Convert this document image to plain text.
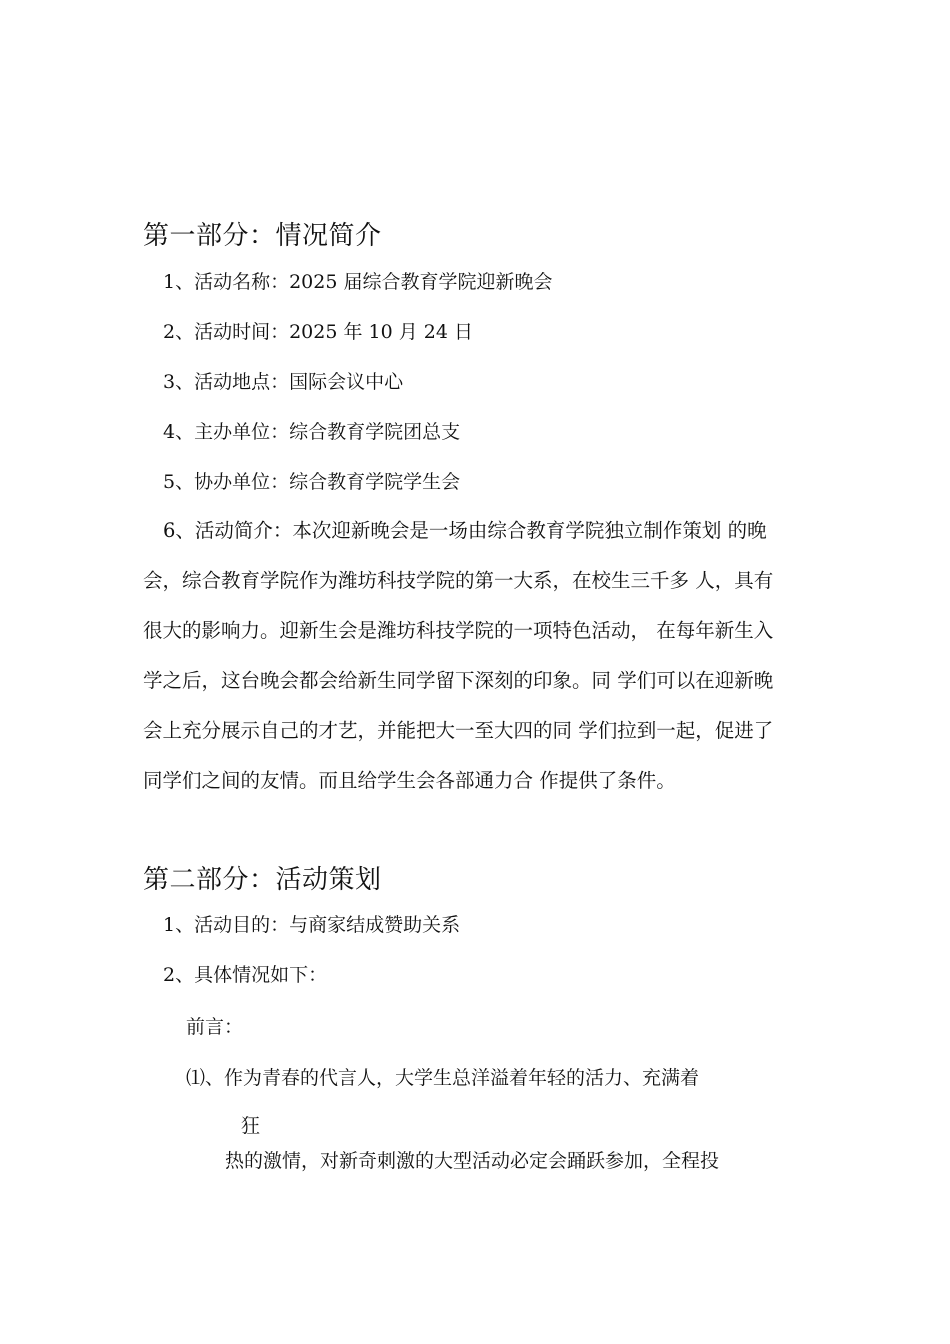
第一部分：情况简介
1、活动名称：2025 届综合教育学院迎新晚会
2、活动时间：2025 年 10 月 24 日
3、活动地点：国际会议中心
4、主办单位：综合教育学院团总支
5、协办单位：综合教育学院学生会
6、活动简介：本次迎新晚会是一场由综合教育学院独立制作策划 的晚
会，综合教育学院作为潍坊科技学院的第一大系，在校生三千多 人，具有
很大的影响力。迎新生会是潍坊科技学院的一项特色活动， 在每年新生入
学之后，这台晚会都会给新生同学留下深刻的印象。同 学们可以在迎新晚
会上充分展示自己的才艺，并能把大一至大四的同 学们拉到一起，促进了
同学们之间的友情。而且给学生会各部通力合 作提供了条件。
第二部分：活动策划
1、活动目的：与商家结成赞助关系
2、具体情况如下：
前言：
⑴、作为青春的代言人，大学生总洋溢着年轻的活力、充满着
狂
热的激情，对新奇刺激的大型活动必定会踊跃参加，全程投
